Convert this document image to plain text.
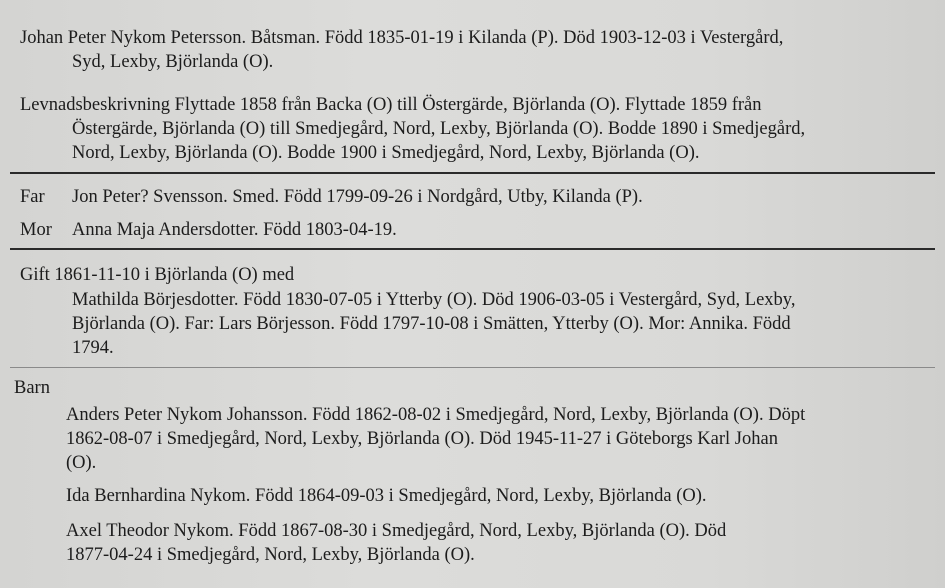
Johan Peter Nykom Petersson. Båtsman. Född 1835-01-19 i Kilanda (P). Död 1903-12-03 i Vestergård,
Syd, Lexby, Björlanda (O).
Levnadsbeskrivning Flyttade 1858 från Backa (O) till Östergärde, Björlanda (O). Flyttade 1859 från
Östergärde, Björlanda (O) till Smedjegård, Nord, Lexby, Björlanda (O). Bodde 1890 i Smedjegård,
Nord, Lexby, Björlanda (O). Bodde 1900 i Smedjegård, Nord, Lexby, Björlanda (O).
Far Jon Peter? Svensson. Smed. Född 1799-09-26 i Nordgård, Utby, Kilanda (P).
Mor Anna Maja Andersdotter. Född 1803-04-19.
Gift 1861-11-10 i Björlanda (O) med
Mathilda Börjesdotter. Född 1830-07-05 i Ytterby (O). Död 1906-03-05 i Vestergård, Syd, Lexby,
Björlanda (O). Far: Lars Börjesson. Född 1797-10-08 i Smätten, Ytterby (O). Mor: Annika. Född
1794.
Barn
Anders Peter Nykom Johansson. Född 1862-08-02 i Smedjegård, Nord, Lexby, Björlanda (O). Döpt
1862-08-07 i Smedjegård, Nord, Lexby, Björlanda (O). Död 1945-11-27 i Göteborgs Karl Johan
(O).
Ida Bernhardina Nykom. Född 1864-09-03 i Smedjegård, Nord, Lexby, Björlanda (O).
Axel Theodor Nykom. Född 1867-08-30 i Smedjegård, Nord, Lexby, Björlanda (O). Död
1877-04-24 i Smedjegård, Nord, Lexby, Björlanda (O).
